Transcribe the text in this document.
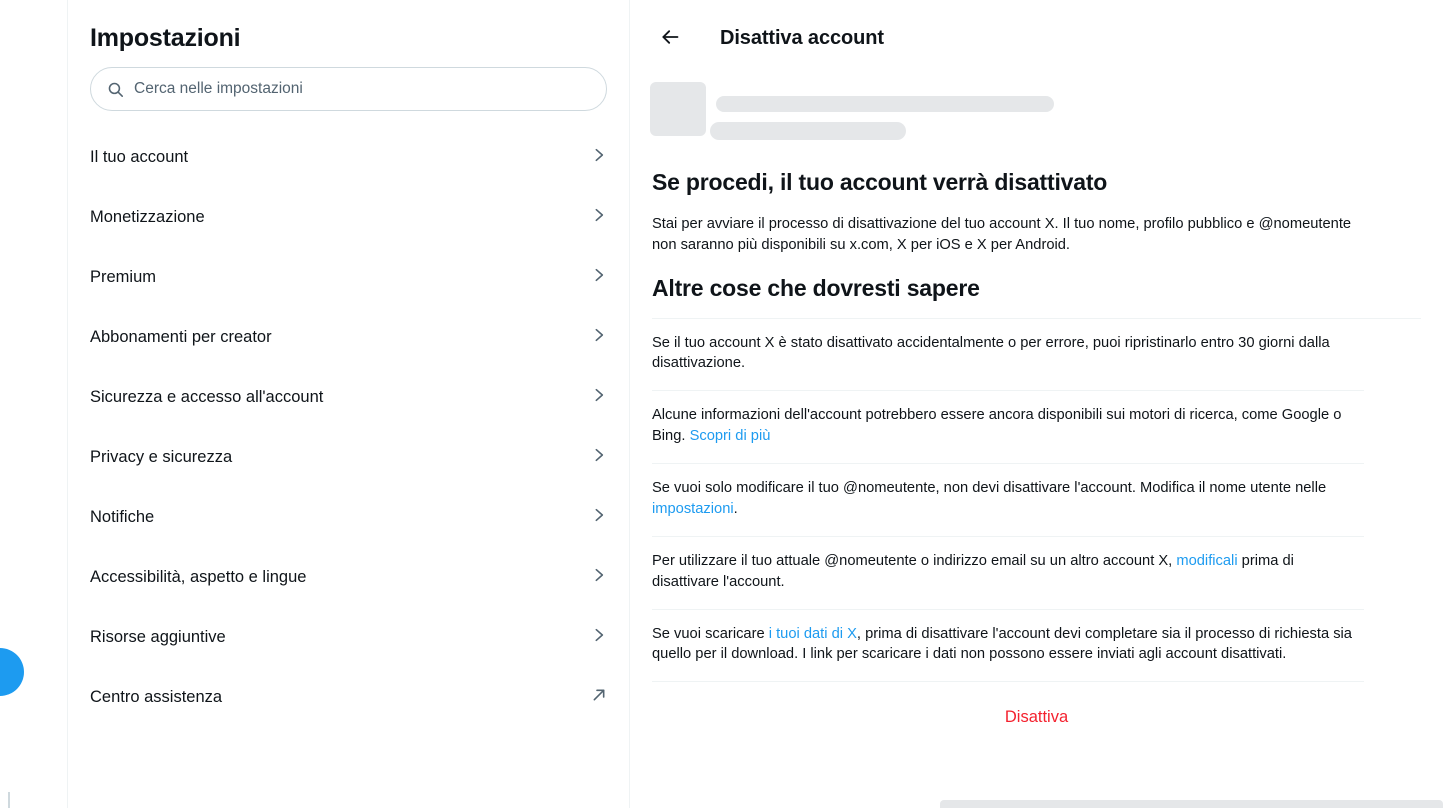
Impostazioni
Cerca nelle impostazioni
Il tuo account
Monetizzazione
Premium
Abbonamenti per creator
Sicurezza e accesso all'account
Privacy e sicurezza
Notifiche
Accessibilità, aspetto e lingue
Risorse aggiuntive
Centro assistenza
Disattiva account
Se procedi, il tuo account verrà disattivato

Stai per avviare il processo di disattivazione del tuo account X. Il tuo nome, profilo pubblico e @nomeutente non saranno più disponibili su x.com, X per iOS e X per Android.

Altre cose che dovresti sapere
Se il tuo account X è stato disattivato accidentalmente o per errore, puoi ripristinarlo entro 30 giorni dalla disattivazione.
Alcune informazioni dell'account potrebbero essere ancora disponibili sui motori di ricerca, come Google o Bing. Scopri di più
Se vuoi solo modificare il tuo @nomeutente, non devi disattivare l'account. Modifica il nome utente nelle impostazioni.
Per utilizzare il tuo attuale @nomeutente o indirizzo email su un altro account X, modificali prima di disattivare l'account.
Se vuoi scaricare i tuoi dati di X, prima di disattivare l'account devi completare sia il processo di richiesta sia quello per il download. I link per scaricare i dati non possono essere inviati agli account disattivati.
Disattiva
